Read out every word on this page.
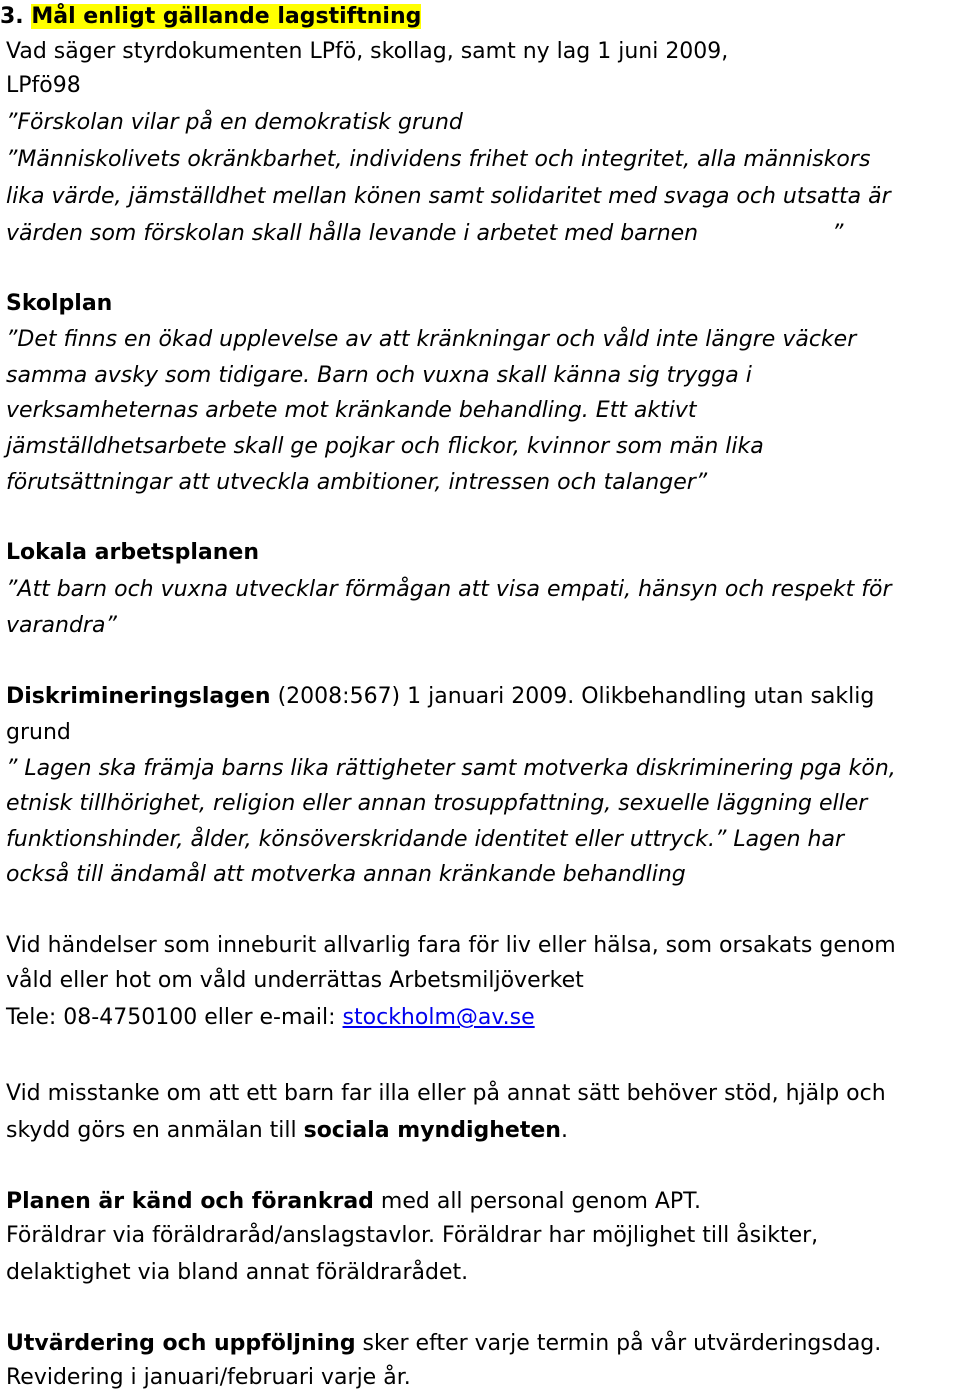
3. Mål enligt gällande lagstiftning
Vad säger styrdokumenten LPfö, skollag, samt ny lag 1 juni 2009,
LPfö98
”Förskolan vilar på en demokratisk grund
”Människolivets okränkbarhet, individens frihet och integritet, alla människors
lika värde, jämställdhet mellan könen samt solidaritet med svaga och utsatta är
värden som förskolan skall hålla levande i arbetet med barnen	”
Skolplan
”Det finns en ökad upplevelse av att kränkningar och våld inte längre väcker
samma avsky som tidigare. Barn och vuxna skall känna sig trygga i
verksamheternas arbete mot kränkande behandling. Ett aktivt
jämställdhetsarbete skall ge pojkar och flickor, kvinnor som män lika
förutsättningar att utveckla ambitioner, intressen och talanger”
Lokala arbetsplanen
”Att barn och vuxna utvecklar förmågan att visa empati, hänsyn och respekt för
varandra”
Diskrimineringslagen (2008:567) 1 januari 2009. Olikbehandling utan saklig
grund
” Lagen ska främja barns lika rättigheter samt motverka diskriminering pga kön,
etnisk tillhörighet, religion eller annan trosuppfattning, sexuelle läggning eller
funktionshinder, ålder, könsöverskridande identitet eller uttryck.” Lagen har
också till ändamål att motverka annan kränkande behandling
Vid händelser som inneburit allvarlig fara för liv eller hälsa, som orsakats genom
våld eller hot om våld underrättas Arbetsmiljöverket
Tele: 08-4750100 eller e-mail: stockholm@av.se
Vid misstanke om att ett barn far illa eller på annat sätt behöver stöd, hjälp och
skydd görs en anmälan till sociala myndigheten.
Planen är känd och förankrad med all personal genom APT.
Föräldrar via föräldraråd/anslagstavlor. Föräldrar har möjlighet till åsikter,
delaktighet via bland annat föräldrarådet.
Utvärdering och uppföljning sker efter varje termin på vår utvärderingsdag.
Revidering i januari/februari varje år.
